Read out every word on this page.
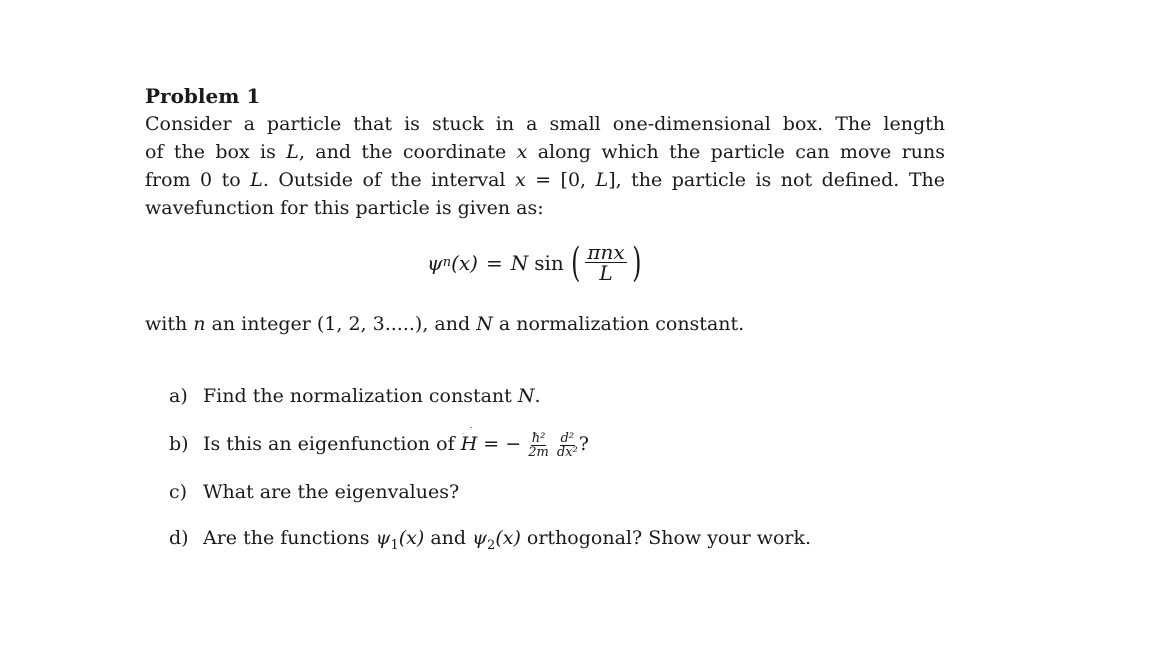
Problem 1
Consider a particle that is stuck in a small one-dimensional box. The length
of the box is L, and the coordinate x along which the particle can move runs
from 0 to L. Outside of the interval x = [0, L], the particle is not defined. The
wavefunction for this particle is given as:
ψ n (x) = N sin ( $\frac{\text{πnx}}{L}$ )
with n an integer (1, 2, 3.....), and N a normalization constant.
a) Find the normalization constant N.
b) Is this an eigenfunction of H = − $\frac{\text{ħ²}}{2m}$
$\frac{\text{d²}}{\text{dx²}}$ ?
c) What are the eigenvalues?
d) Are the functions $\psi_1(x)$ and $\psi_2(x)$ orthogonal? Show your work.
